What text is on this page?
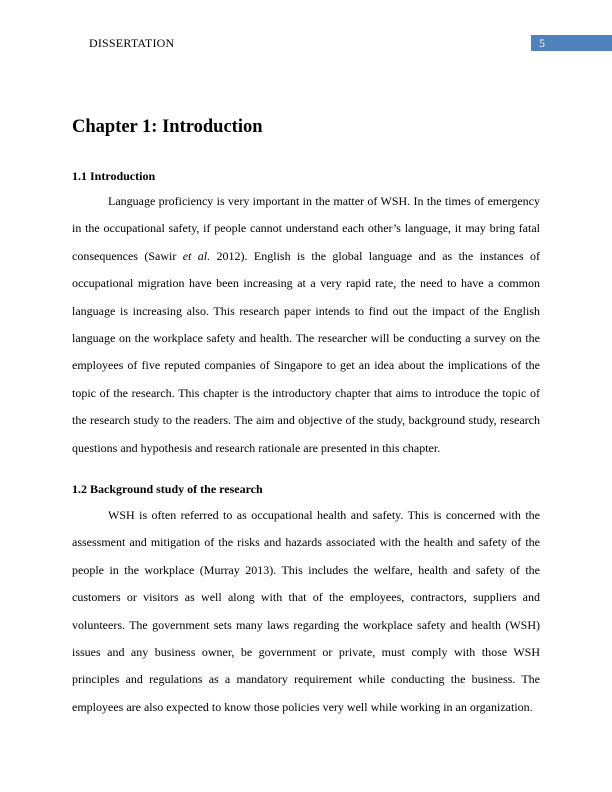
DISSERTATION	5
Chapter 1: Introduction
1.1 Introduction

Language proficiency is very important in the matter of WSH. In the times of emergency in the occupational safety, if people cannot understand each other’s language, it may bring fatal consequences (Sawir et al. 2012). English is the global language and as the instances of occupational migration have been increasing at a very rapid rate, the need to have a common language is increasing also. This research paper intends to find out the impact of the English language on the workplace safety and health. The researcher will be conducting a survey on the employees of five reputed companies of Singapore to get an idea about the implications of the topic of the research. This chapter is the introductory chapter that aims to introduce the topic of the research study to the readers. The aim and objective of the study, background study, research questions and hypothesis and research rationale are presented in this chapter.

1.2 Background study of the research

WSH is often referred to as occupational health and safety. This is concerned with the assessment and mitigation of the risks and hazards associated with the health and safety of the people in the workplace (Murray 2013). This includes the welfare, health and safety of the customers or visitors as well along with that of the employees, contractors, suppliers and volunteers. The government sets many laws regarding the workplace safety and health (WSH) issues and any business owner, be government or private, must comply with those WSH principles and regulations as a mandatory requirement while conducting the business. The employees are also expected to know those policies very well while working in an organization.
